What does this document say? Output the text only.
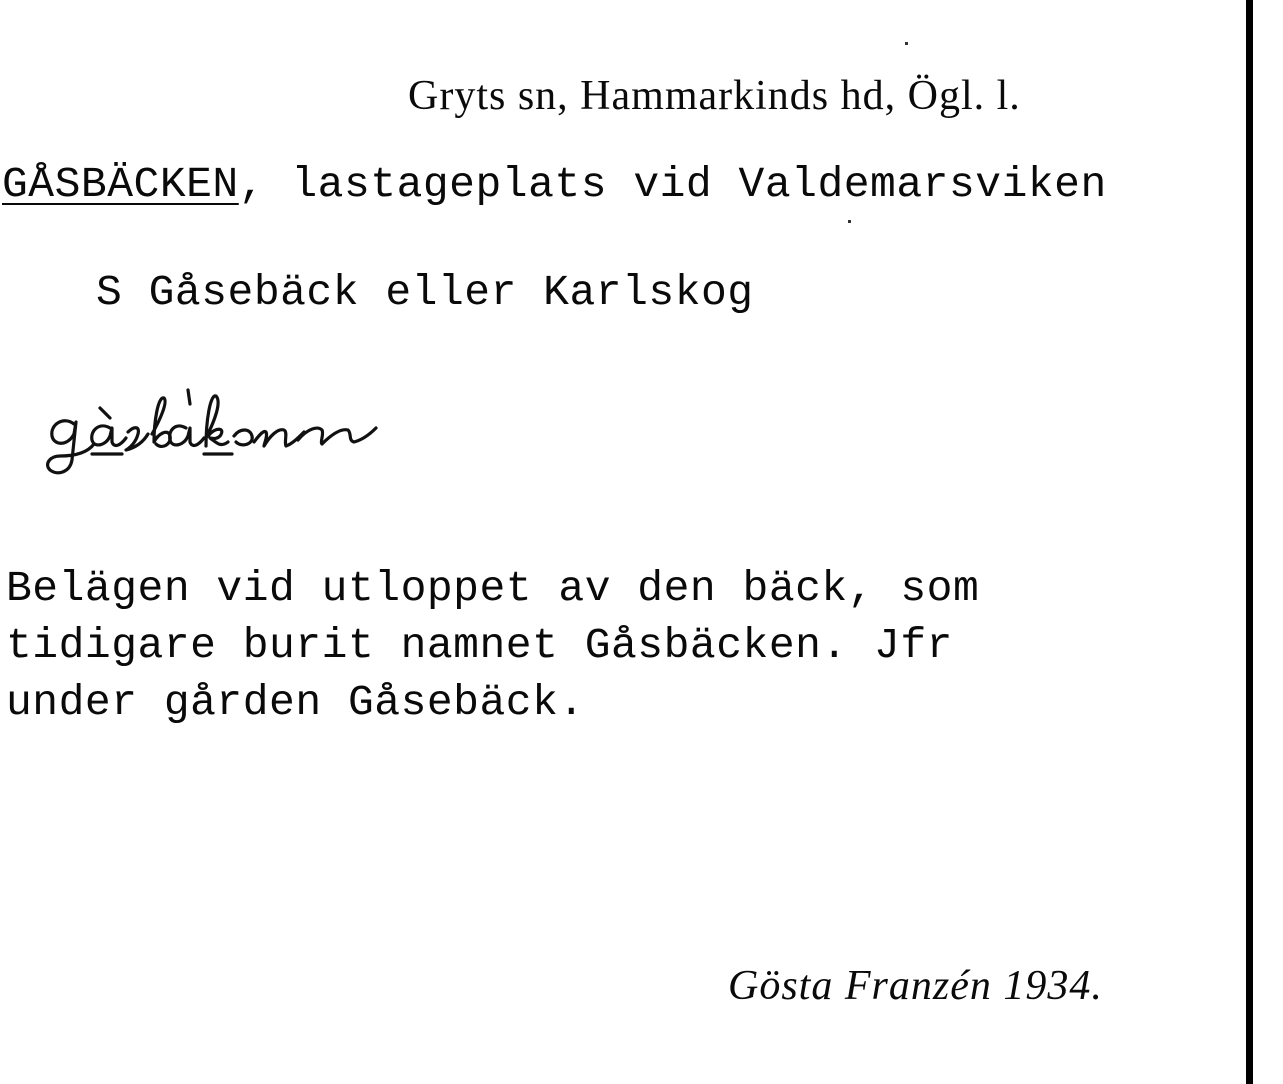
Gryts sn, Hammarkinds hd, Ögl. l.
GÅSBÄCKEN, lastageplats vid Valdemarsviken
S Gåsebäck eller Karlskog
Belägen vid utloppet av den bäck, som
tidigare burit namnet Gåsbäcken. Jfr
under gården Gåsebäck.
Gösta Franzén 1934.
